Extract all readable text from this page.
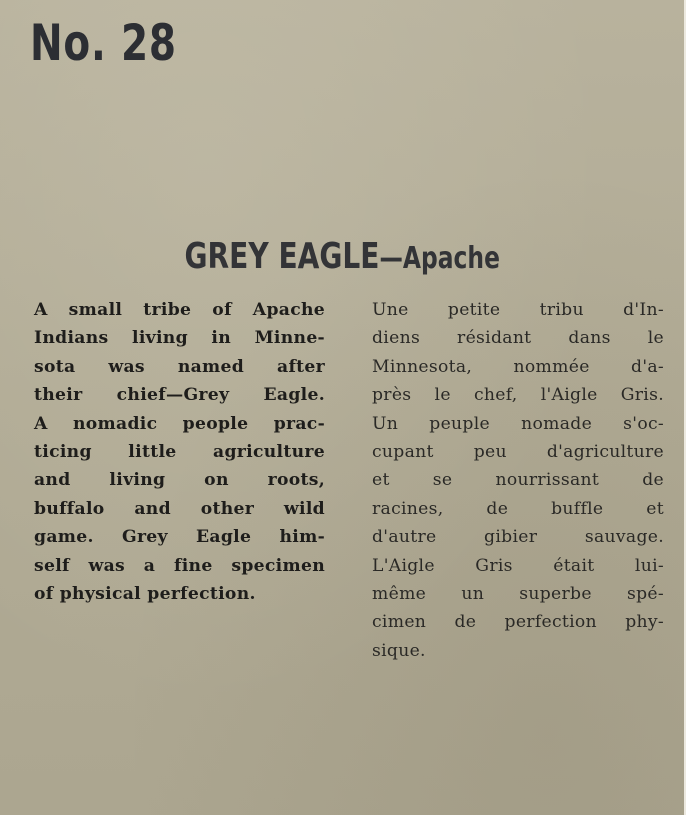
No. 28
GREY EAGLE—Apache
A small tribe of Apache
Indians living in Minne-
sota was named after
their chief—Grey Eagle.
A nomadic people prac-
ticing little agriculture
and living on roots,
buffalo and other wild
game. Grey Eagle him-
self was a fine specimen
of physical perfection.
Une petite tribu d'In-
diens résidant dans le
Minnesota, nommée d'a-
près le chef, l'Aigle Gris.
Un peuple nomade s'oc-
cupant peu d'agriculture
et se nourrissant de
racines, de buffle et
d'autre gibier sauvage.
L'Aigle Gris était lui-
même un superbe spé-
cimen de perfection phy-
sique.
